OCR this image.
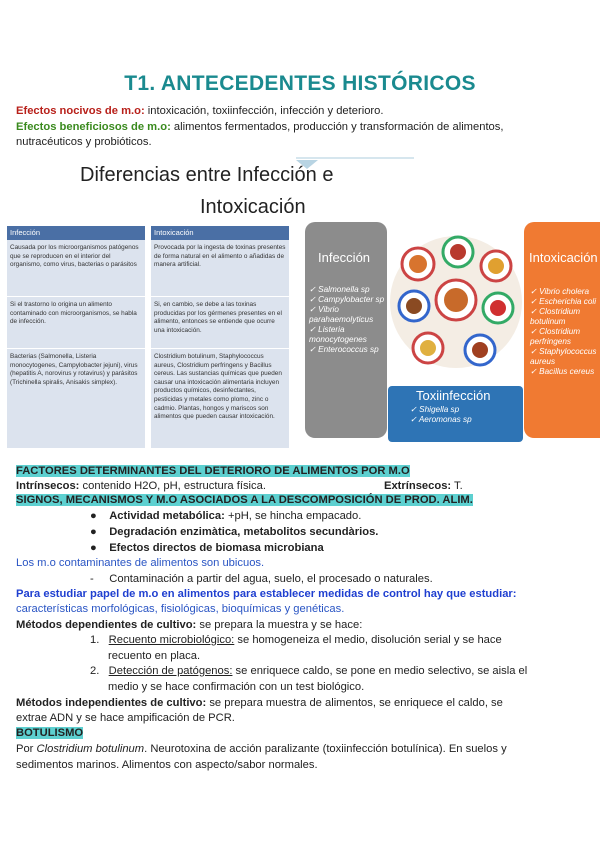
T1. ANTECEDENTES HISTÓRICOS
Efectos nocivos de m.o: intoxicación, toxiinfección, infección y deterioro.
Efectos beneficiosos de m.o: alimentos fermentados, producción y transformación de alimentos,
nutracéuticos y probióticos.
Diferencias entre Infección e
Intoxicación
Infección
Causada por los microorganismos patógenos que se reproducen en el interior del organismo, como virus, bacterias o parásitos
Si el trastorno lo origina un alimento contaminado con microorganismos, se habla de infección.
Bacterias (Salmonella, Listeria monocytogenes, Campylobacter jejuni), virus (hepatitis A, norovirus y rotavirus) y parásitos (Trichinella spiralis, Anisakis simplex).
Intoxicación
Provocada por la ingesta de toxinas presentes de forma natural en el alimento o añadidas de manera artificial.
Si, en cambio, se debe a las toxinas producidas por los gérmenes presentes en el alimento, entonces se entiende que ocurre una intoxicación.
Clostridium botulinum, Staphylococcus aureus, Clostridium perfringens y Bacillus cereus. Las sustancias químicas que pueden causar una intoxicación alimentaria incluyen productos químicos, desinfectantes, pesticidas y metales como plomo, zinc o cadmio. Plantas, hongos y mariscos son alimentos que pueden causar intoxicación.
Infección
✓ Salmonella sp
✓ Campylobacter sp
✓ Vibrio parahaemolyticus
✓ Listeria monocytogenes
✓ Enterococcus sp
Toxiinfección
✓ Shigella sp
✓ Aeromonas sp
Intoxicación
✓ Vibrio cholera
✓ Escherichia coli
✓ Clostridium botulinum
✓ Clostridium perfringens
✓ Staphylococcus aureus
✓ Bacillus cereus
FACTORES DETERMINANTES DEL DETERIORO DE ALIMENTOS POR M.O
Intrínsecos: contenido H2O, pH, estructura física.	Extrínsecos: T.
SIGNOS, MECANISMOS Y M.O ASOCIADOS A LA DESCOMPOSICIÓN DE PROD. ALIM.
●    Actividad metabólica: +pH, se hincha empacado.
●    Degradación enzimàtica, metabolitos secundàrios.
●    Efectos directos de biomasa microbiana
Los m.o contaminantes de alimentos son ubicuos.
-     Contaminación a partir del agua, suelo, el procesado o naturales.
Para estudiar papel de m.o en alimentos para establecer medidas de control hay que estudiar:
características morfológicas, fisiológicas, bioquímicas y genéticas.
Métodos dependientes de cultivo: se prepara la muestra y se hace:
1. Recuento microbiológico: se homogeneiza el medio, disolución serial y se hace
recuento en placa.
2. Detección de patógenos: se enriquece caldo, se pone en medio selectivo, se aisla el
medio y se hace confirmación con un test biológico.
Métodos independientes de cultivo: se prepara muestra de alimentos, se enriquece el caldo, se
extrae ADN y se hace ampificación de PCR.
BOTULISMO
Por Clostridium botulinum. Neurotoxina de acción paralizante (toxiinfección botulínica). En suelos y
sedimentos marinos. Alimentos con aspecto/sabor normales.
